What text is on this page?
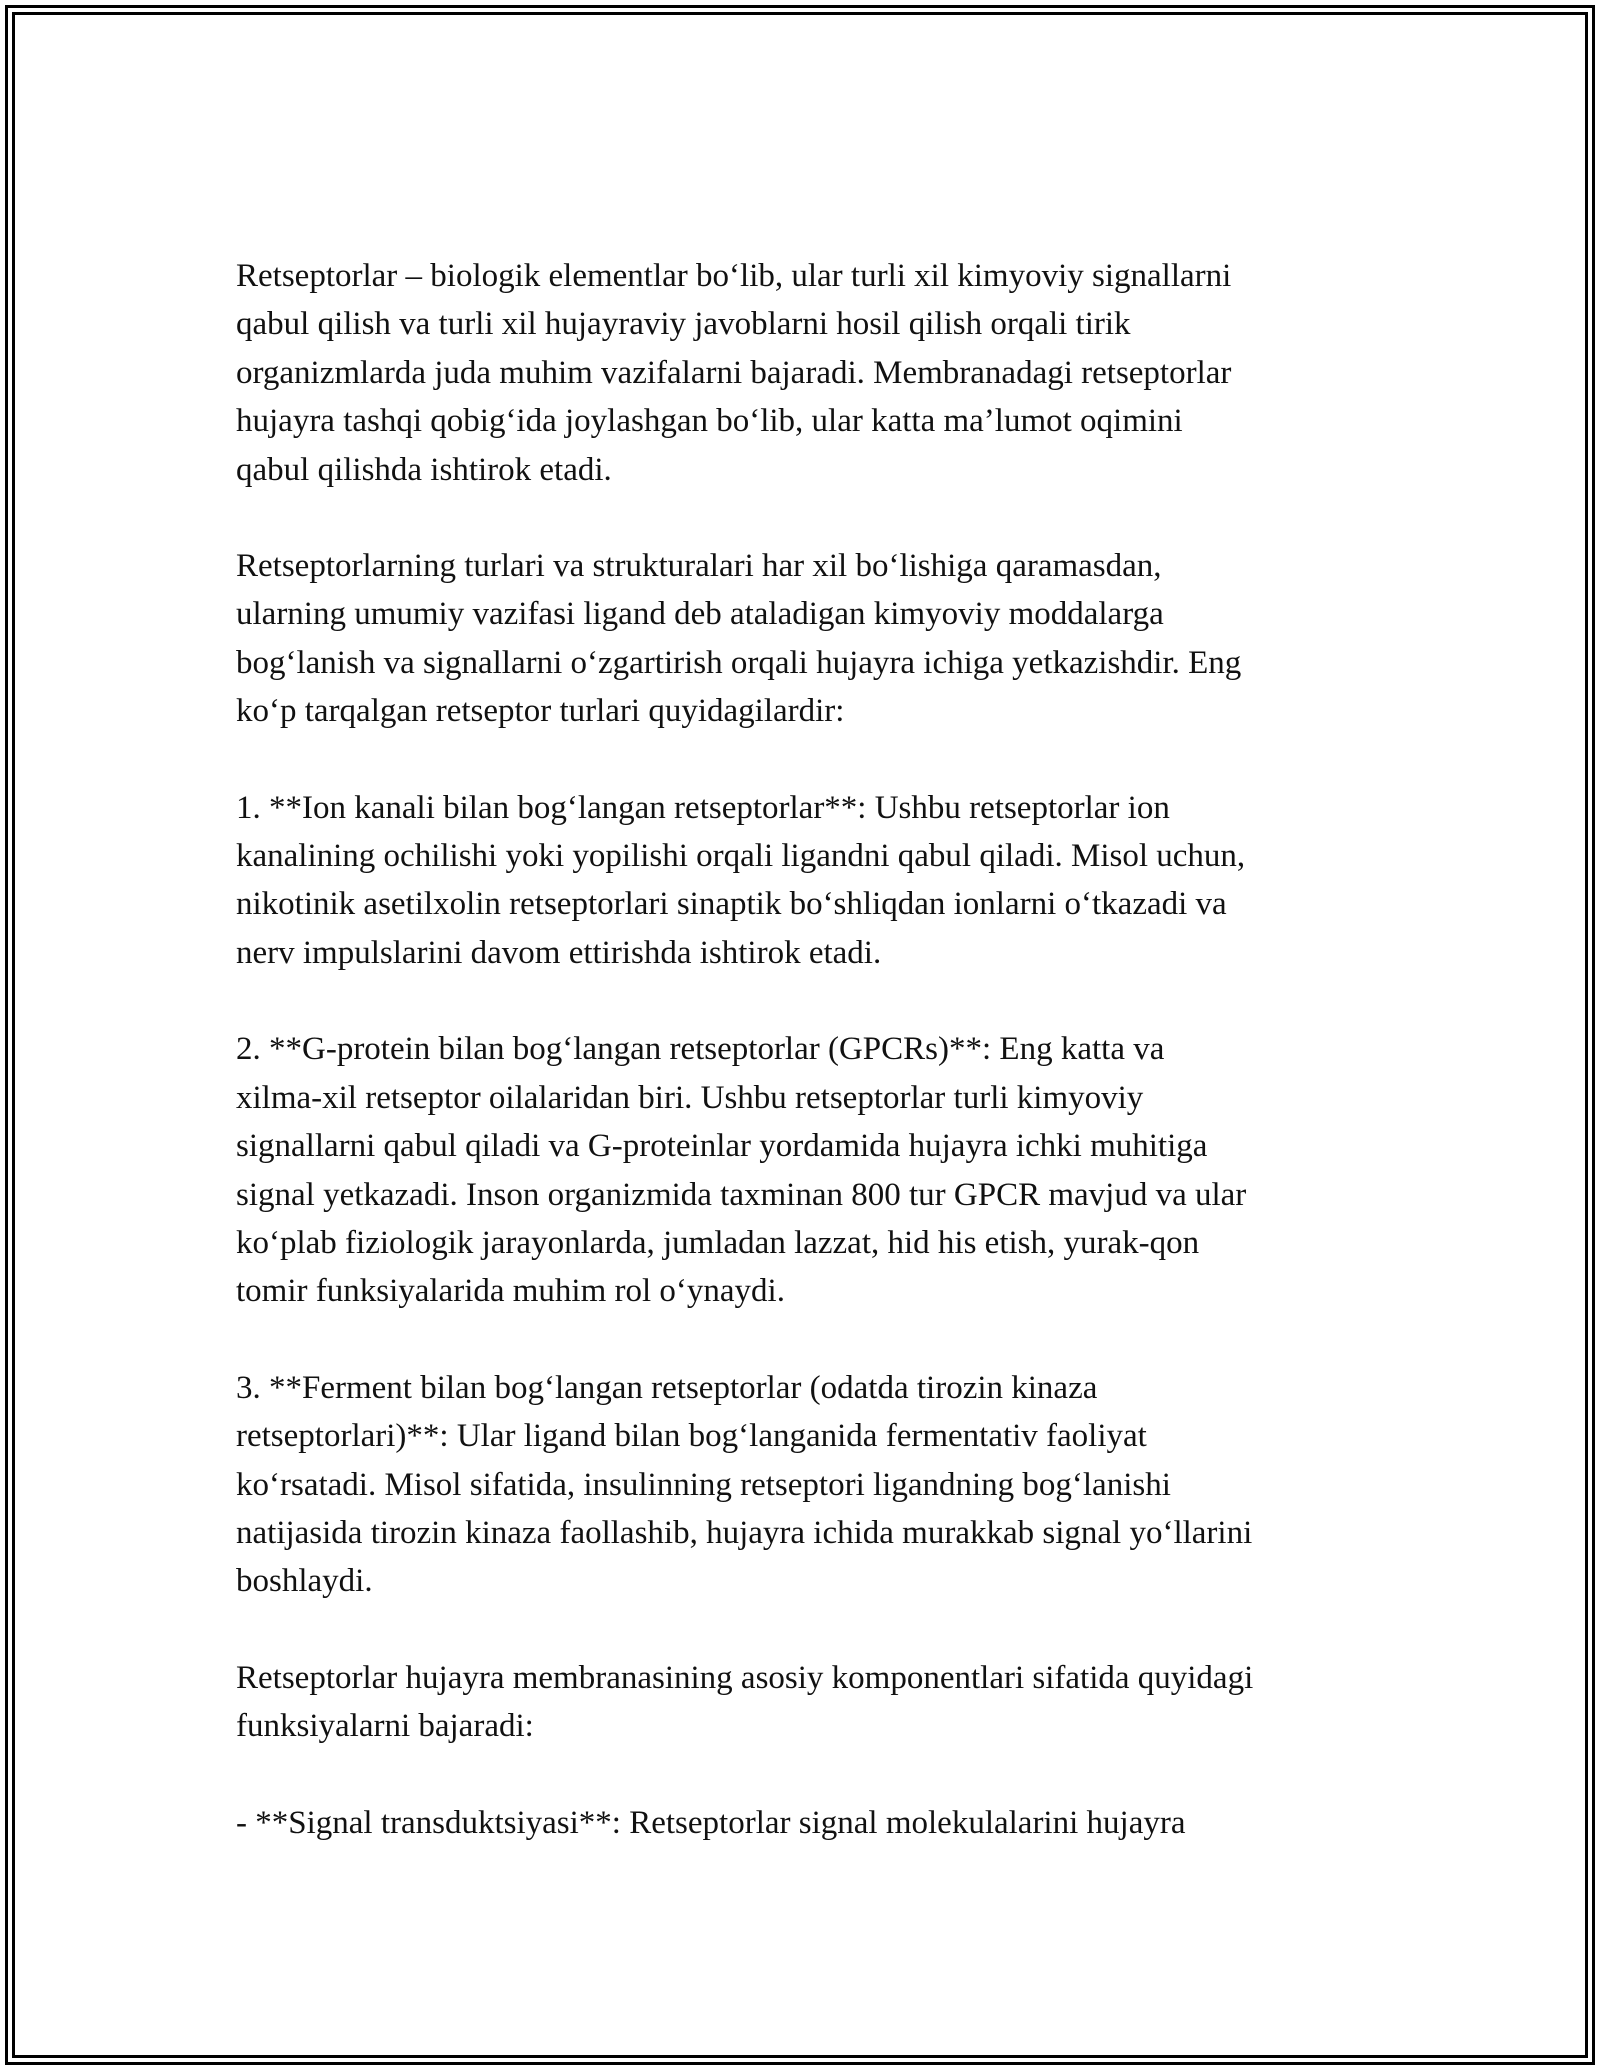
Retseptorlar – biologik elementlar bo‘lib, ular turli xil kimyoviy signallarni
qabul qilish va turli xil hujayraviy javoblarni hosil qilish orqali tirik
organizmlarda juda muhim vazifalarni bajaradi. Membranadagi retseptorlar
hujayra tashqi qobig‘ida joylashgan bo‘lib, ular katta ma’lumot oqimini
qabul qilishda ishtirok etadi.

Retseptorlarning turlari va strukturalari har xil bo‘lishiga qaramasdan,
ularning umumiy vazifasi ligand deb ataladigan kimyoviy moddalarga
bog‘lanish va signallarni o‘zgartirish orqali hujayra ichiga yetkazishdir. Eng
ko‘p tarqalgan retseptor turlari quyidagilardir:

1. **Ion kanali bilan bog‘langan retseptorlar**: Ushbu retseptorlar ion
kanalining ochilishi yoki yopilishi orqali ligandni qabul qiladi. Misol uchun,
nikotinik asetilxolin retseptorlari sinaptik bo‘shliqdan ionlarni o‘tkazadi va
nerv impulslarini davom ettirishda ishtirok etadi.

2. **G-protein bilan bog‘langan retseptorlar (GPCRs)**: Eng katta va
xilma-xil retseptor oilalaridan biri. Ushbu retseptorlar turli kimyoviy
signallarni qabul qiladi va G-proteinlar yordamida hujayra ichki muhitiga
signal yetkazadi. Inson organizmida taxminan 800 tur GPCR mavjud va ular
ko‘plab fiziologik jarayonlarda, jumladan lazzat, hid his etish, yurak-qon
tomir funksiyalarida muhim rol o‘ynaydi.

3. **Ferment bilan bog‘langan retseptorlar (odatda tirozin kinaza
retseptorlari)**: Ular ligand bilan bog‘langanida fermentativ faoliyat
ko‘rsatadi. Misol sifatida, insulinning retseptori ligandning bog‘lanishi
natijasida tirozin kinaza faollashib, hujayra ichida murakkab signal yo‘llarini
boshlaydi.

Retseptorlar hujayra membranasining asosiy komponentlari sifatida quyidagi
funksiyalarni bajaradi:

- **Signal transduktsiyasi**: Retseptorlar signal molekulalarini hujayra
